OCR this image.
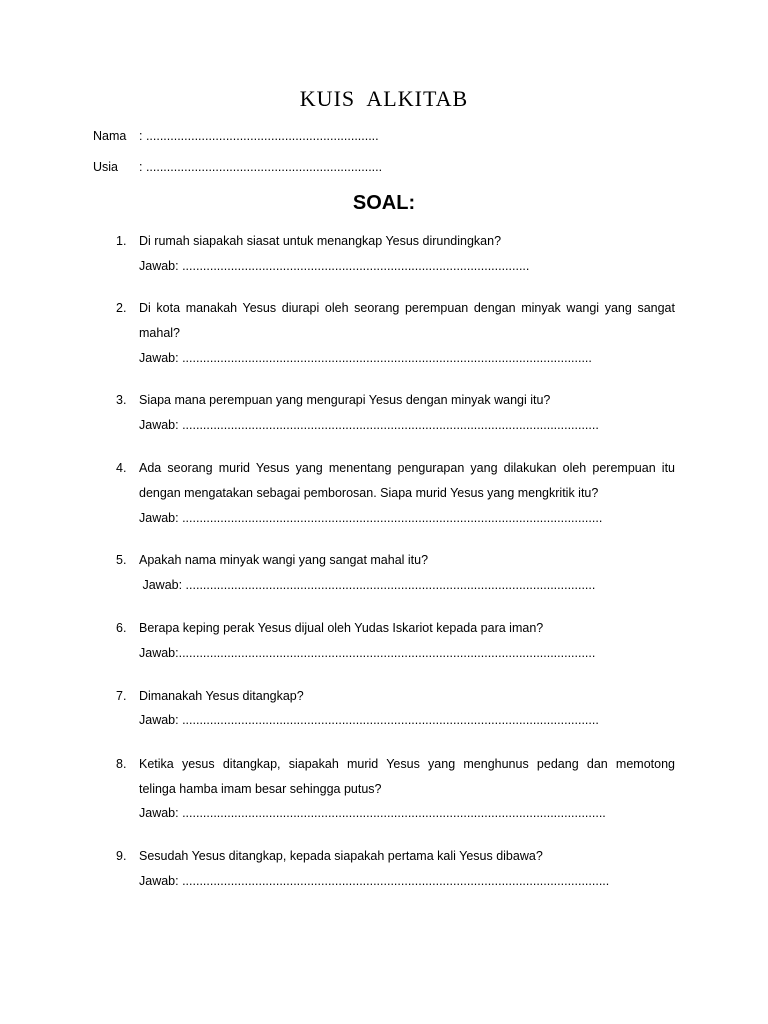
KUIS ALKITAB
Nama : ...................................................................
Usia : ....................................................................
SOAL:
1. Di rumah siapakah siasat untuk menangkap Yesus dirundingkan?
Jawab: ....................................................................................................
2.	Di kota manakah Yesus diurapi oleh seorang perempuan dengan minyak wangi yang sangat
mahal?
Jawab: ......................................................................................................................
3. Siapa mana perempuan yang mengurapi Yesus dengan minyak wangi itu?
Jawab: ........................................................................................................................
4.	Ada seorang murid Yesus yang menentang pengurapan yang dilakukan oleh perempuan itu
dengan mengatakan sebagai pemborosan. Siapa murid Yesus yang mengkritik itu?
Jawab: .........................................................................................................................
5. Apakah nama minyak wangi yang sangat mahal itu?
Jawab: ......................................................................................................................
6. Berapa keping perak Yesus dijual oleh Yudas Iskariot kepada para iman?
Jawab:........................................................................................................................
7. Dimanakah Yesus ditangkap?
Jawab: ........................................................................................................................
8.	Ketika yesus ditangkap, siapakah murid Yesus yang menghunus pedang dan memotong
telinga hamba imam besar sehingga putus?
Jawab: ..........................................................................................................................
9. Sesudah Yesus ditangkap, kepada siapakah pertama kali Yesus dibawa?
Jawab: ...........................................................................................................................
